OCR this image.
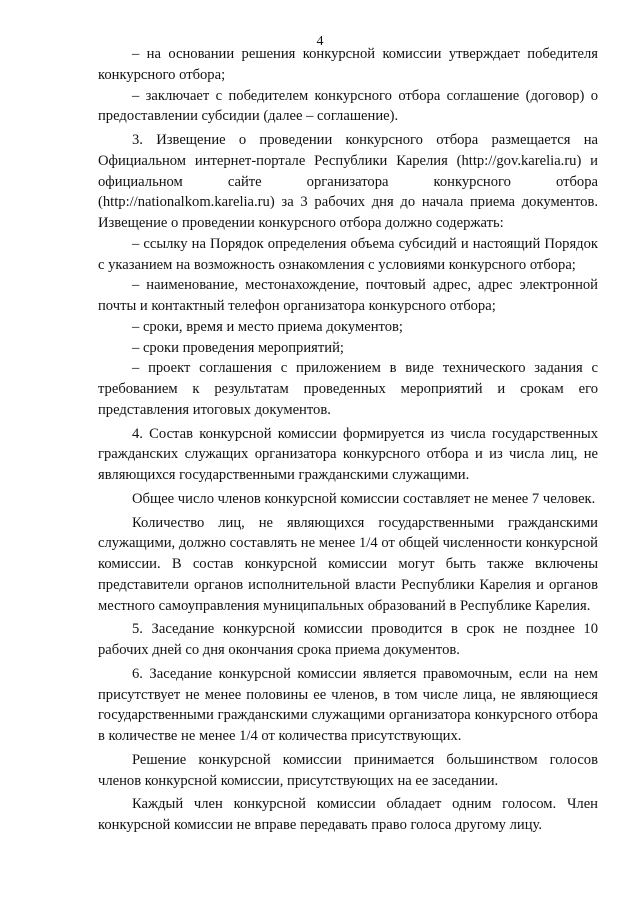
4

– на основании решения конкурсной комиссии утверждает победителя конкурсного отбора;

– заключает с победителем конкурсного отбора соглашение (договор) о предоставлении субсидии (далее – соглашение).

3. Извещение о проведении конкурсного отбора размещается на Официальном интернет-портале Республики Карелия (http://gov.karelia.ru) и официальном сайте организатора конкурсного отбора (http://nationalkom.karelia.ru) за 3 рабочих дня до начала приема документов. Извещение о проведении конкурсного отбора должно содержать:

– ссылку на Порядок определения объема субсидий и настоящий Порядок с указанием на возможность ознакомления с условиями конкурсного отбора;

– наименование, местонахождение, почтовый адрес, адрес электронной почты и контактный телефон организатора конкурсного отбора;

– сроки, время и место приема документов;

– сроки проведения мероприятий;

– проект соглашения с приложением в виде технического задания с требованием к результатам проведенных мероприятий и срокам его представления итоговых документов.

4. Состав конкурсной комиссии формируется из числа государственных гражданских служащих организатора конкурсного отбора и из числа лиц, не являющихся государственными гражданскими служащими.

Общее число членов конкурсной комиссии составляет не менее 7 человек.

Количество лиц, не являющихся государственными гражданскими служащими, должно составлять не менее 1/4 от общей численности конкурсной комиссии. В состав конкурсной комиссии могут быть также включены представители органов исполнительной власти Республики Карелия и органов местного самоуправления муниципальных образований в Республике Карелия.

5. Заседание конкурсной комиссии проводится в срок не позднее 10 рабочих дней со дня окончания срока приема документов.

6. Заседание конкурсной комиссии является правомочным, если на нем присутствует не менее половины ее членов, в том числе лица, не являющиеся государственными гражданскими служащими организатора конкурсного отбора в количестве не менее 1/4 от количества присутствующих.

Решение конкурсной комиссии принимается большинством голосов членов конкурсной комиссии, присутствующих на ее заседании.

Каждый член конкурсной комиссии обладает одним голосом. Член конкурсной комиссии не вправе передавать право голоса другому лицу.
